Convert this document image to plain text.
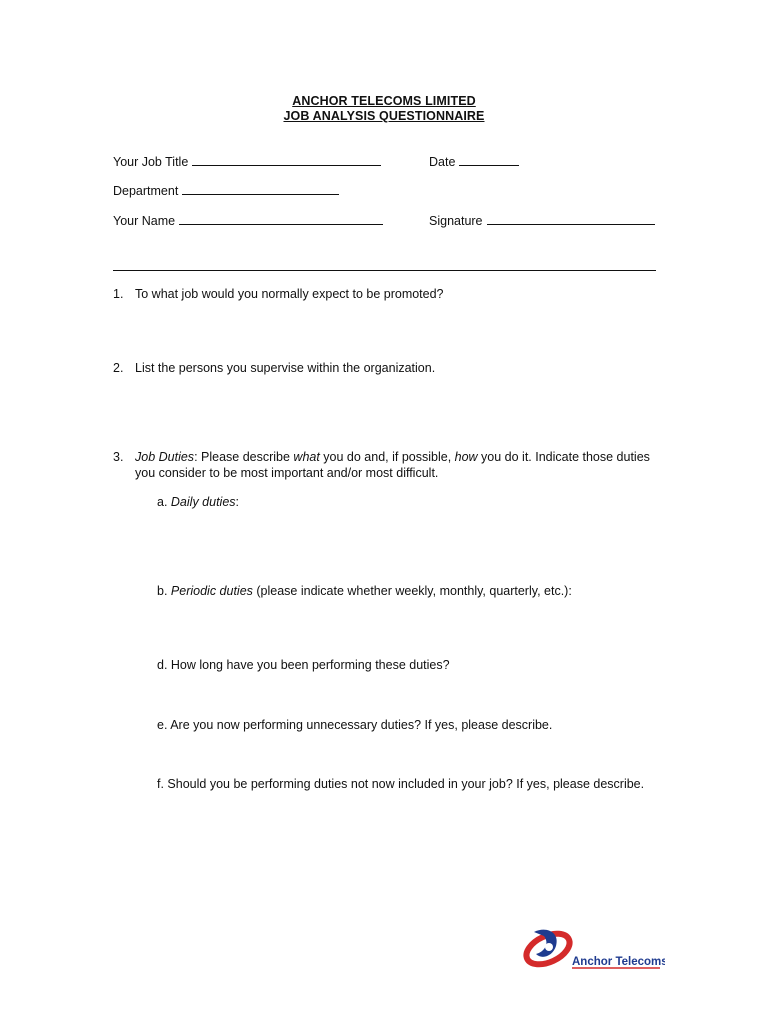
ANCHOR TELECOMS LIMITED
JOB ANALYSIS QUESTIONNAIRE
Your Job Title	Date
Department
Your Name	Signature
1. To what job would you normally expect to be promoted?
2. List the persons you supervise within the organization.
3. Job Duties: Please describe what you do and, if possible, how you do it. Indicate those duties you consider to be most important and/or most difficult.
a. Daily duties:
b. Periodic duties (please indicate whether weekly, monthly, quarterly, etc.):
d. How long have you been performing these duties?
e. Are you now performing unnecessary duties? If yes, please describe.
f. Should you be performing duties not now included in your job? If yes, please describe.
Anchor Telecoms
